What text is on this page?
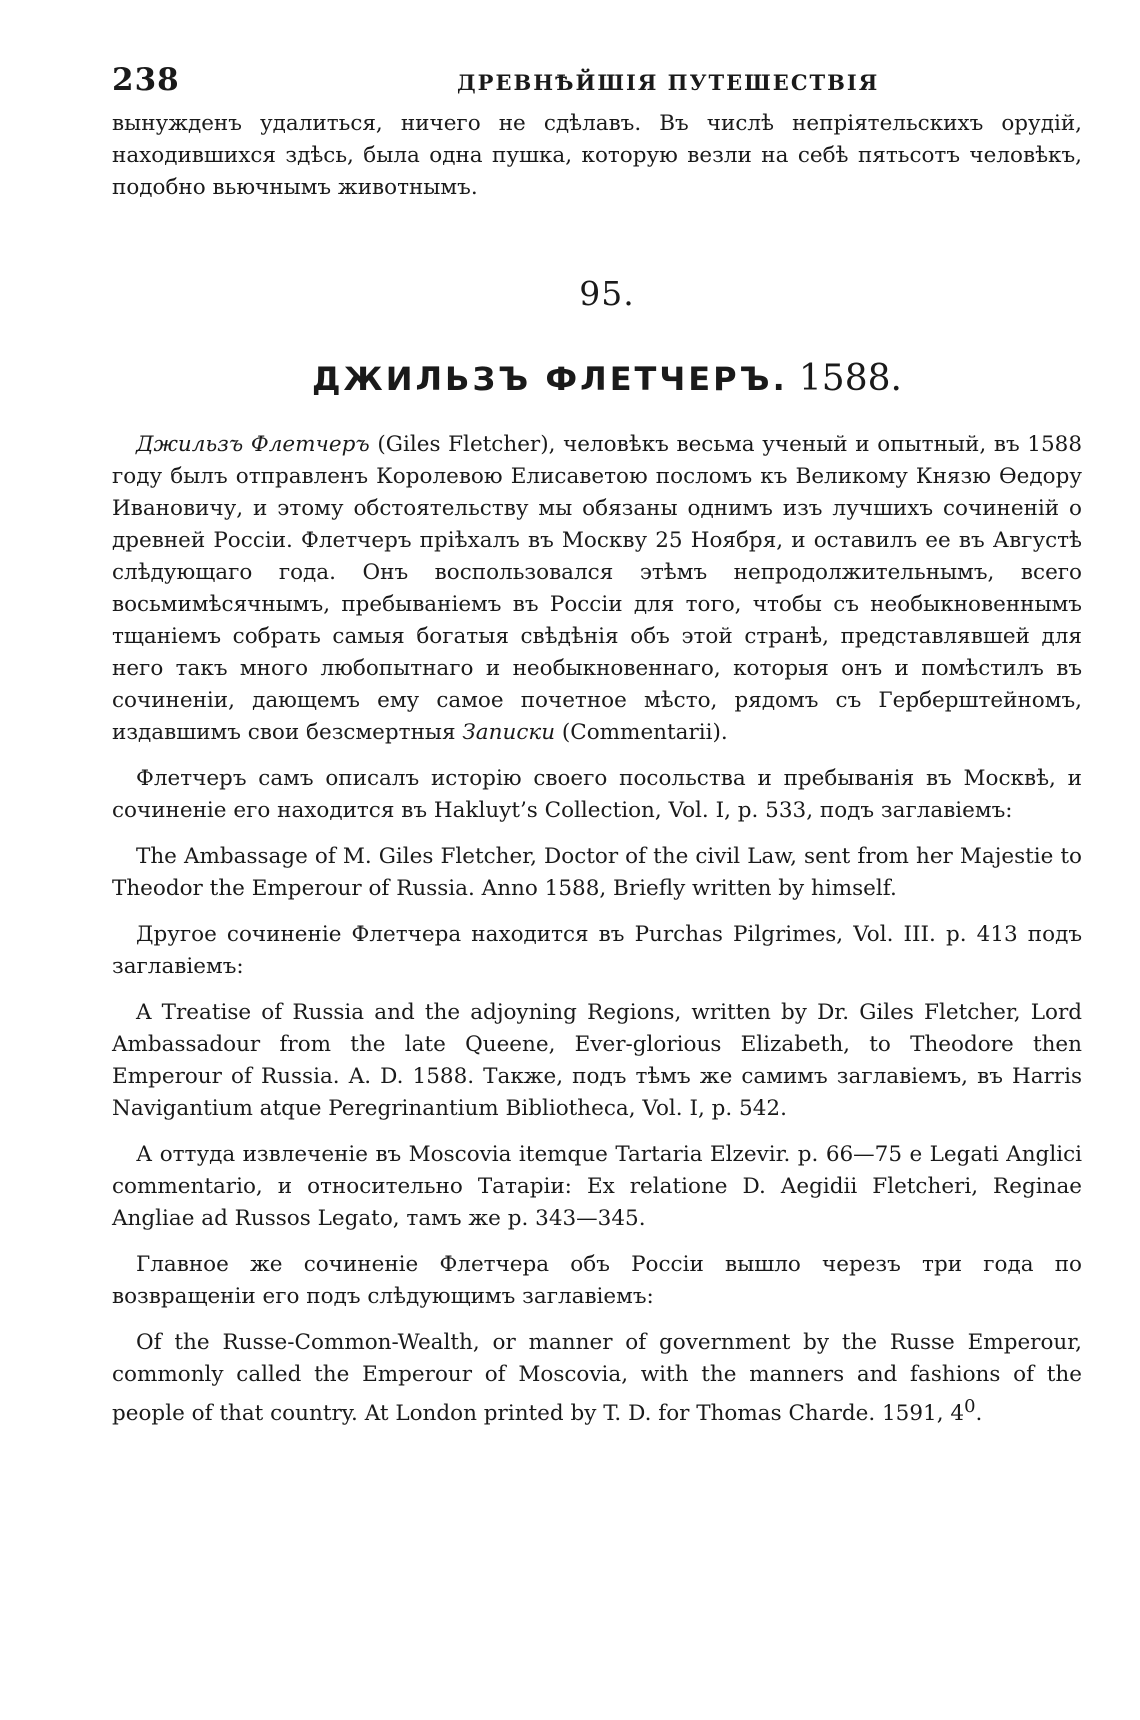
238	ДРЕВНѢЙШІЯ ПУТЕШЕСТВІЯ

вынужденъ удалиться, ничего не сдѣлавъ. Въ числѣ непріятельскихъ орудій, находившихся здѣсь, была одна пушка, которую везли на себѣ пятьсотъ человѣкъ, подобно вьючнымъ животнымъ.

95.
ДЖИЛЬЗЪ ФЛЕТЧЕРЪ. 1588.

Джильзъ Флетчеръ (Giles Fletcher), человѣкъ весьма ученый и опытный, въ 1588 году былъ отправленъ Королевою Елисаветою посломъ къ Великому Князю Ѳедору Ивановичу, и этому обстоятельству мы обязаны однимъ изъ лучшихъ сочиненій о древней Россіи. Флетчеръ пріѣхалъ въ Москву 25 Ноября, и оставилъ ее въ Августѣ слѣдующаго года. Онъ воспользовался этѣмъ непродолжительнымъ, всего восьмимѣсячнымъ, пребываніемъ въ Россіи для того, чтобы съ необыкновеннымъ тщаніемъ собрать самыя богатыя свѣдѣнія объ этой странѣ, представлявшей для него такъ много любопытнаго и необыкновеннаго, которыя онъ и помѣстилъ въ сочиненіи, дающемъ ему самое почетное мѣсто, рядомъ съ Герберштейномъ, издавшимъ свои безсмертныя Записки (Commentarii).

Флетчеръ самъ описалъ исторію своего посольства и пребыванія въ Москвѣ, и сочиненіе его находится въ Hakluyt’s Collection, Vol. I, p. 533, подъ заглавіемъ:

The Ambassage of M. Giles Fletcher, Doctor of the civil Law, sent from her Majestie to Theodor the Emperour of Russia. Anno 1588, Briefly written by himself.

Другое сочиненіе Флетчера находится въ Purchas Pilgrimes, Vol. III. p. 413 подъ заглавіемъ:

A Treatise of Russia and the adjoyning Regions, written by Dr. Giles Fletcher, Lord Ambassadour from the late Queene, Ever-glorious Elizabeth, to Theodore then Emperour of Russia. A. D. 1588. Также, подъ тѣмъ же самимъ заглавіемъ, въ Harris Navigantium atque Peregrinantium Bibliotheca, Vol. I, p. 542.

А оттуда извлеченіе въ Moscovia itemque Tartaria Elzevir. p. 66—75 e Legati Anglici commentario, и относительно Татаріи: Ex relatione D. Aegidii Fletcheri, Reginae Angliae ad Russos Legato, тамъ же p. 343—345.

Главное же сочиненіе Флетчера объ Россіи вышло черезъ три года по возвращеніи его подъ слѣдующимъ заглавіемъ:

Of the Russe-Common-Wealth, or manner of government by the Russe Emperour, commonly called the Emperour of Moscovia, with the manners and fashions of the people of that country. At London printed by T. D. for Thomas Charde. 1591, $4^0$.
